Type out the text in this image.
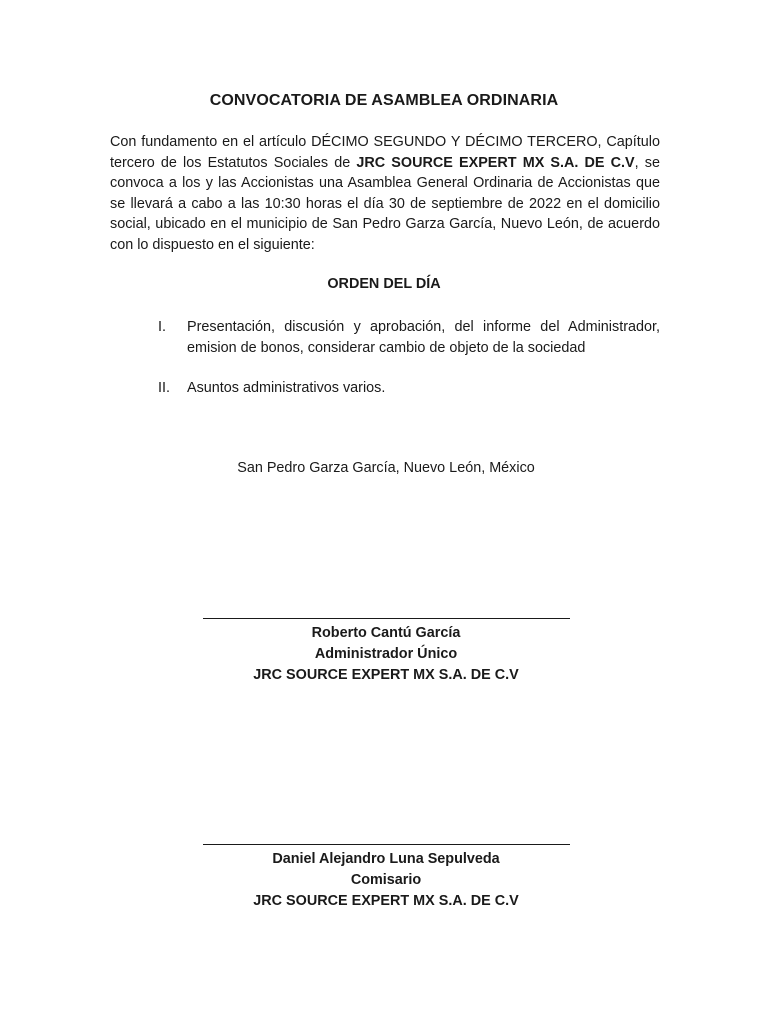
CONVOCATORIA DE ASAMBLEA ORDINARIA
Con fundamento en el artículo DÉCIMO SEGUNDO Y DÉCIMO TERCERO, Capítulo tercero de los Estatutos Sociales de JRC SOURCE EXPERT MX S.A. DE C.V, se convoca a los y las Accionistas una Asamblea General Ordinaria de Accionistas que se llevará a cabo a las 10:30 horas el día 30 de septiembre de 2022 en el domicilio social, ubicado en el municipio de San Pedro Garza García, Nuevo León, de acuerdo con lo dispuesto en el siguiente:
ORDEN DEL DÍA
I. Presentación, discusión y aprobación, del informe del Administrador, emision de bonos, considerar cambio de objeto de la sociedad
II. Asuntos administrativos varios.
San Pedro Garza García, Nuevo León, México
Roberto Cantú García
Administrador Único
JRC SOURCE EXPERT MX S.A. DE C.V
Daniel Alejandro Luna Sepulveda
Comisario
JRC SOURCE EXPERT MX S.A. DE C.V
